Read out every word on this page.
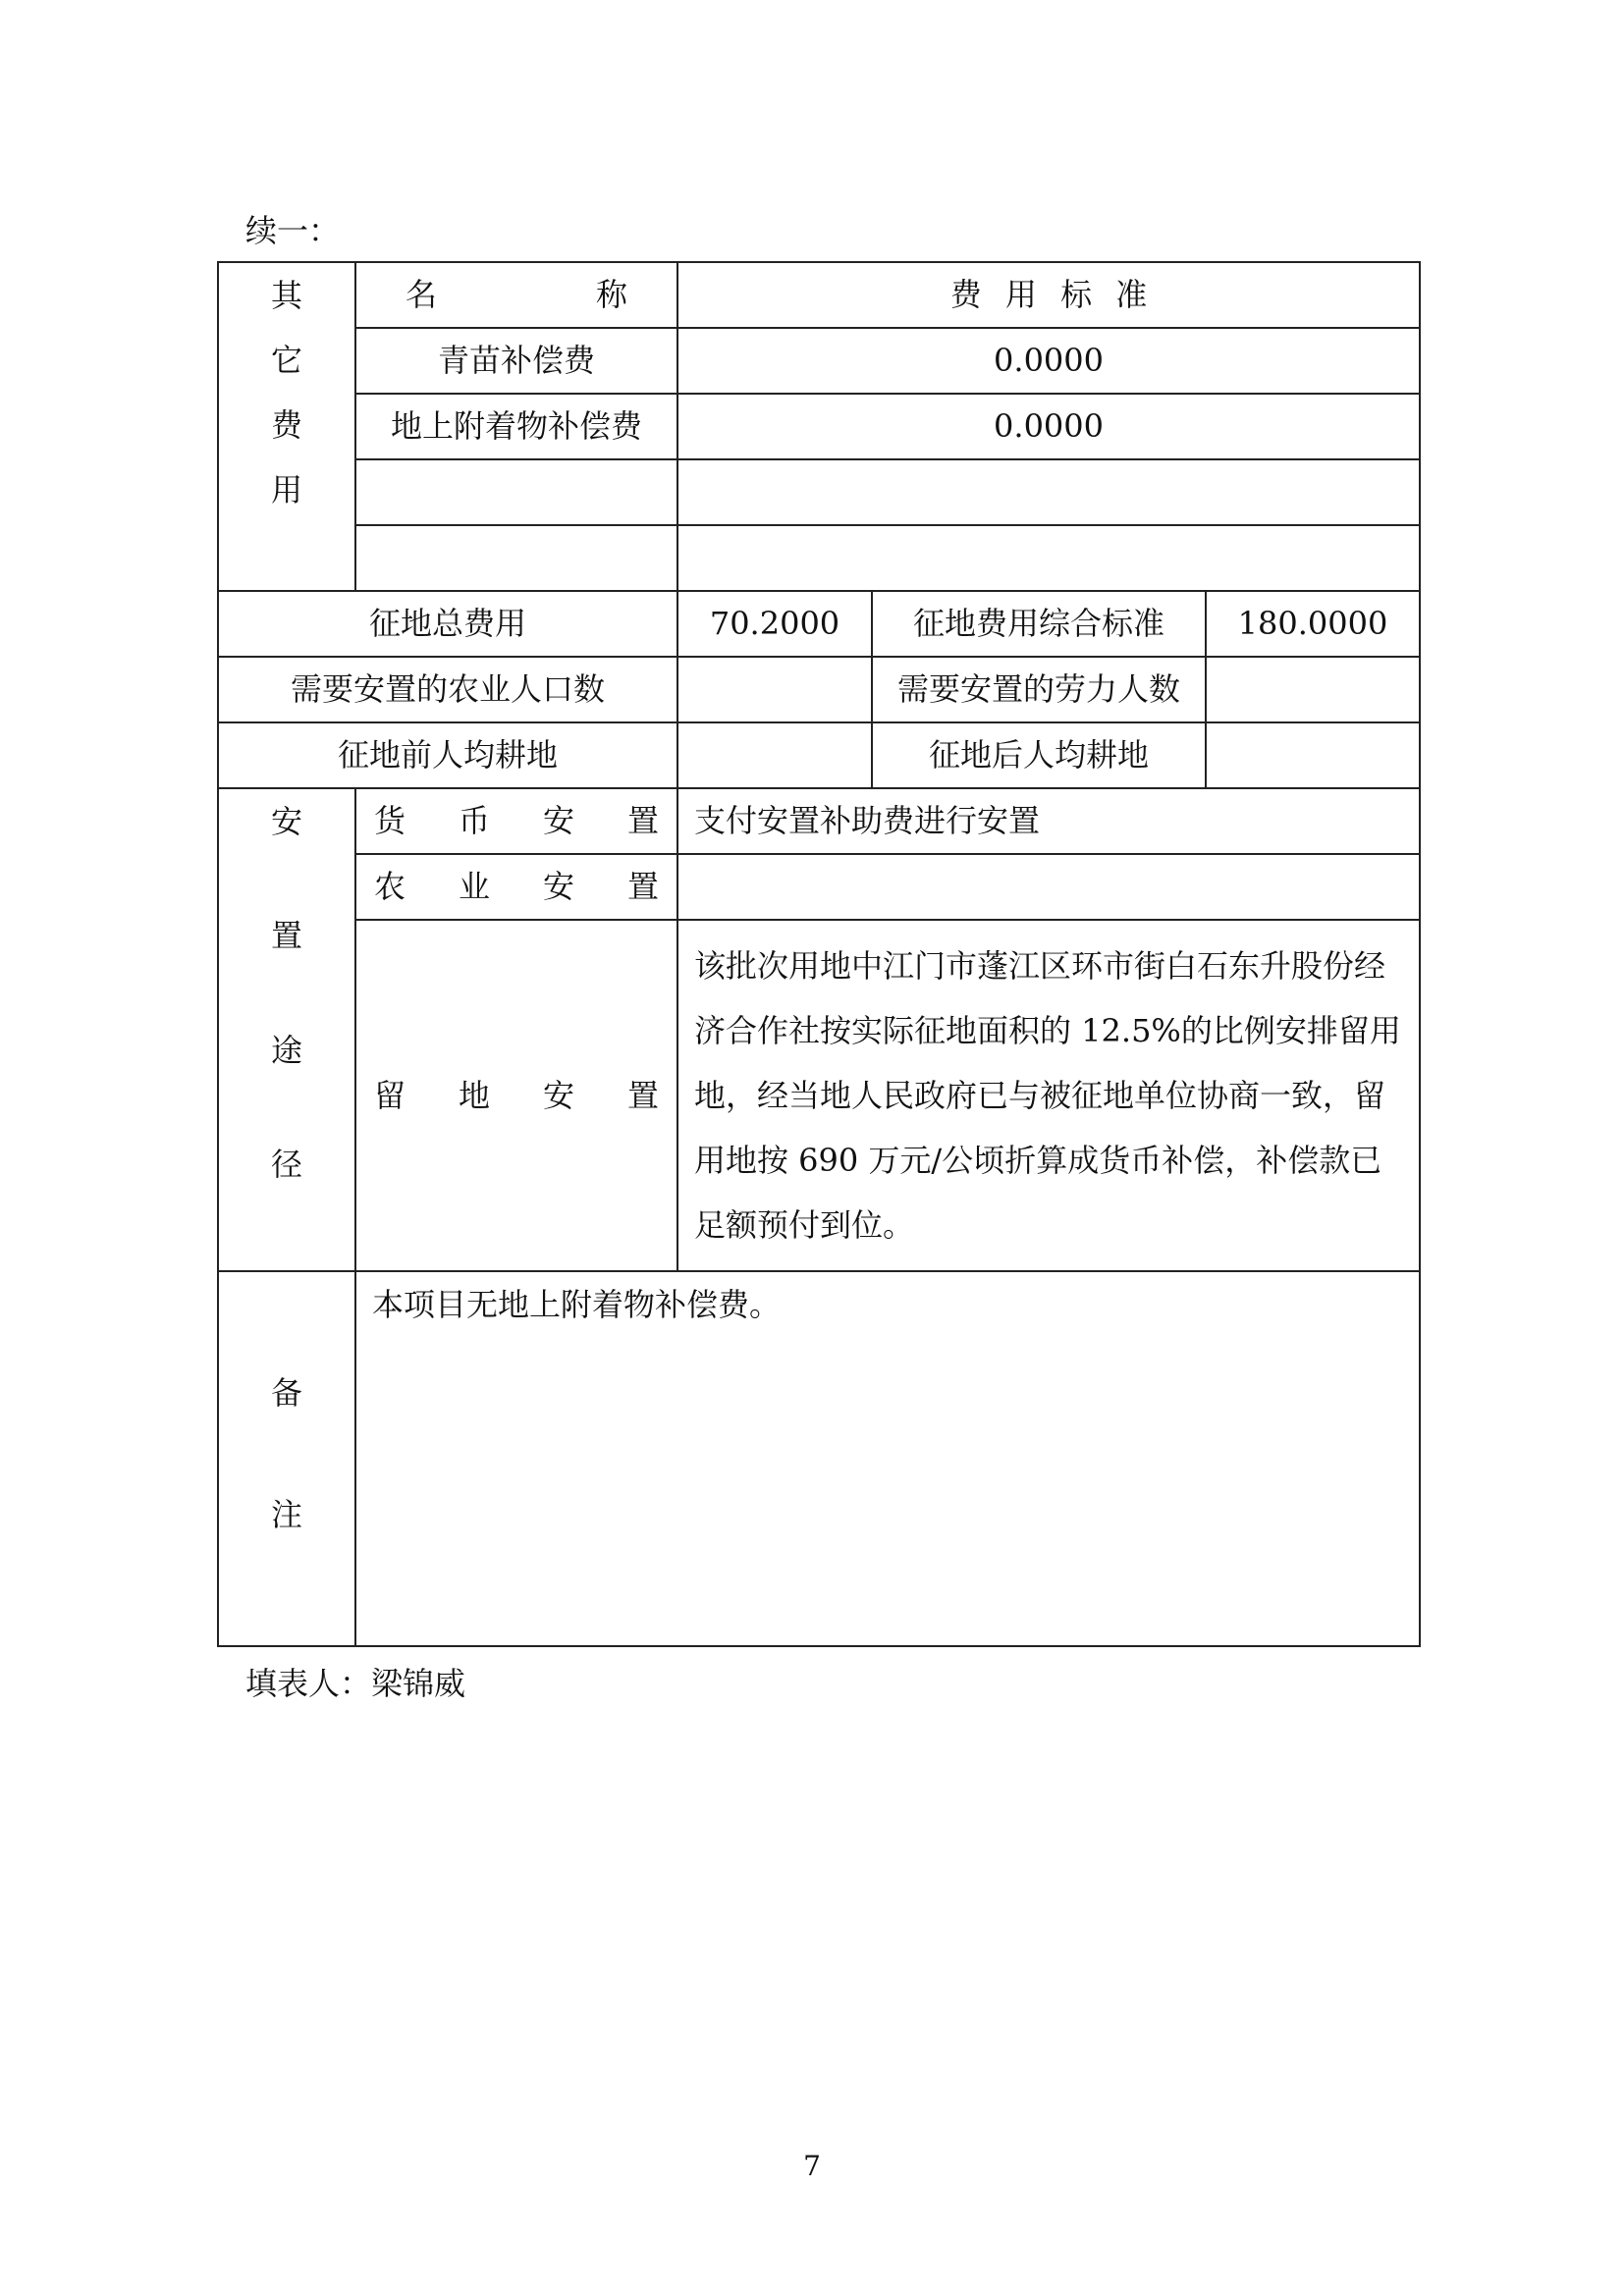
续一：
其
它
费
用	名 称	费 用 标 准		
	青苗补偿费	0.0000		
	地上附着物补偿费	0.0000		

征地总费用		70.2000	征地费用综合标准	180.0000
需要安置的农业人口数			需要安置的劳力人数	
征地前人均耕地			征地后人均耕地	

安
置
途
径	货 币 安 置	支付安置补助费进行安置		

	农 业 安 置			

	留 地 安 置	该批次用地中江门市蓬江区环市街白石东升股份经济合作社按实际征地面积的 12.5%的比例安排留用地，经当地人民政府已与被征地单位协商一致，留用地按 690 万元/公顷折算成货币补偿，补偿款已足额预付到位。		

备
注	本项目无地上附着物补偿费。			
填表人：梁锦威
7
